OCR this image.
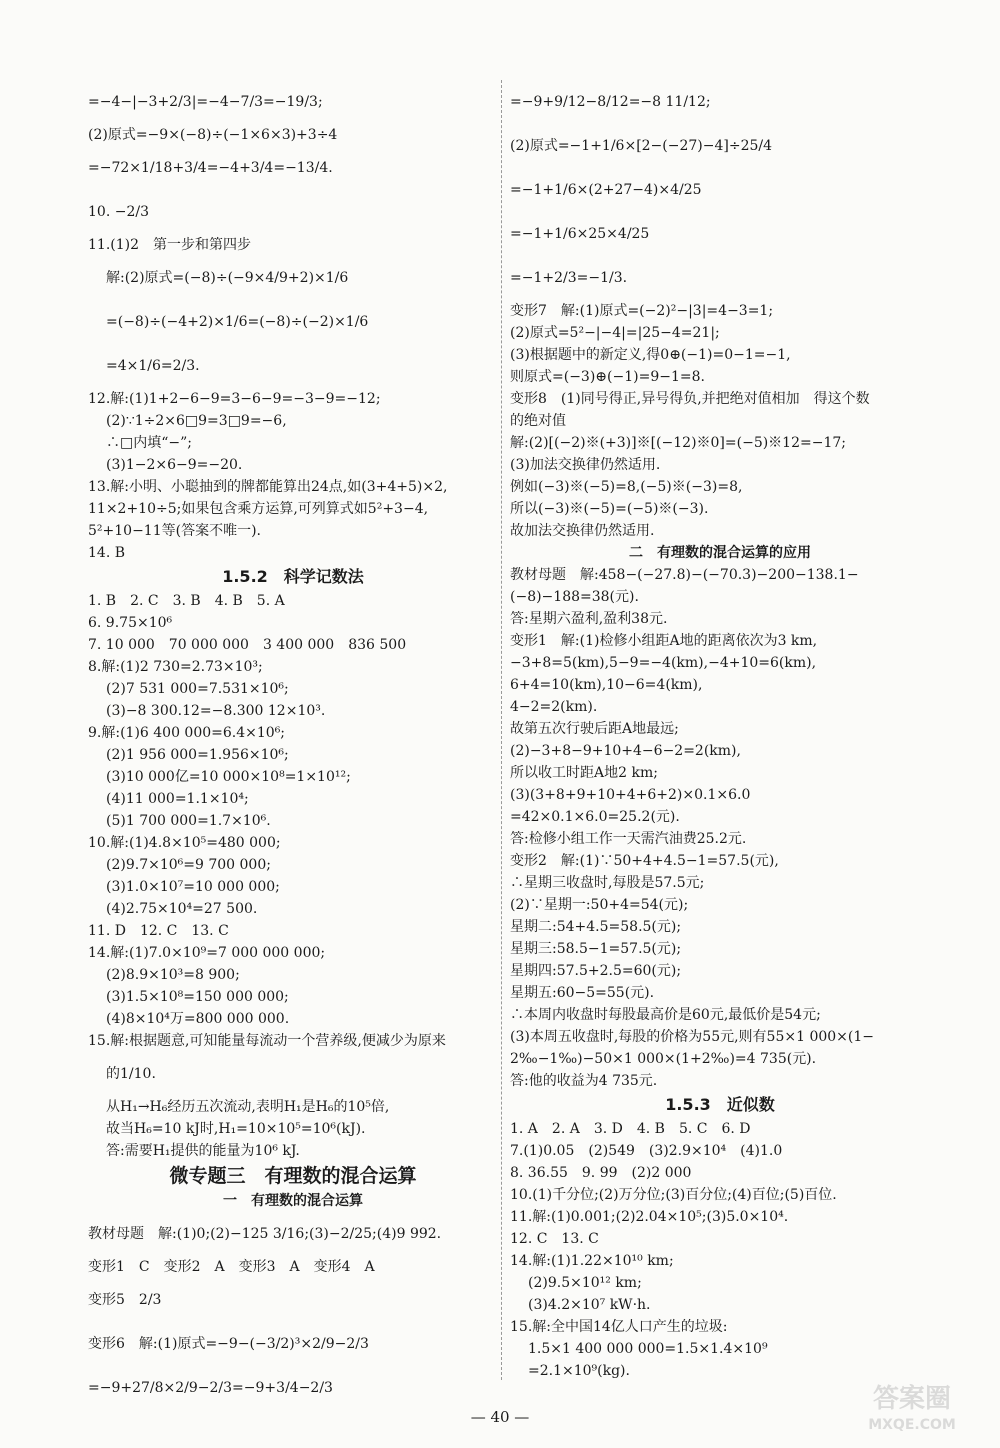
=−4−|−3+2/3|=−4−7/3=−19/3;
(2)原式=−9×(−8)÷(−1×6×3)+3÷4
=−72×1/18+3/4=−4+3/4=−13/4.
10. −2/3
11.(1)2　第一步和第四步
解:(2)原式=(−8)÷(−9×4/9+2)×1/6
=(−8)÷(−4+2)×1/6=(−8)÷(−2)×1/6
=4×1/6=2/3.
12.解:(1)1+2−6−9=3−6−9=−3−9=−12;
(2)∵1÷2×6□9=3□9=−6,
∴□内填“−”;
(3)1−2×6−9=−20.
13.解:小明、小聪抽到的牌都能算出24点,如(3+4+5)×2,
11×2+10÷5;如果包含乘方运算,可列算式如5²+3−4,
5²+10−11等(答案不唯一).
14. B
1.5.2　科学记数法
1. B　2. C　3. B　4. B　5. A
6. 9.75×10⁶
7. 10 000　70 000 000　3 400 000　836 500
8.解:(1)2 730=2.73×10³;
(2)7 531 000=7.531×10⁶;
(3)−8 300.12=−8.300 12×10³.
9.解:(1)6 400 000=6.4×10⁶;
(2)1 956 000=1.956×10⁶;
(3)10 000亿=10 000×10⁸=1×10¹²;
(4)11 000=1.1×10⁴;
(5)1 700 000=1.7×10⁶.
10.解:(1)4.8×10⁵=480 000;
(2)9.7×10⁶=9 700 000;
(3)1.0×10⁷=10 000 000;
(4)2.75×10⁴=27 500.
11. D　12. C　13. C
14.解:(1)7.0×10⁹=7 000 000 000;
(2)8.9×10³=8 900;
(3)1.5×10⁸=150 000 000;
(4)8×10⁴万=800 000 000.
15.解:根据题意,可知能量每流动一个营养级,便减少为原来
的1/10.
从H₁→H₆经历五次流动,表明H₁是H₆的10⁵倍,
故当H₆=10 kJ时,H₁=10×10⁵=10⁶(kJ).
答:需要H₁提供的能量为10⁶ kJ.
微专题三　有理数的混合运算
一　有理数的混合运算
教材母题　解:(1)0;(2)−125 3/16;(3)−2/25;(4)9 992.
变形1　C　变形2　A　变形3　A　变形4　A
变形5　2/3
变形6　解:(1)原式=−9−(−3/2)³×2/9−2/3
=−9+27/8×2/9−2/3=−9+3/4−2/3
=−9+9/12−8/12=−8 11/12;
(2)原式=−1+1/6×[2−(−27)−4]÷25/4
=−1+1/6×(2+27−4)×4/25
=−1+1/6×25×4/25
=−1+2/3=−1/3.
变形7　解:(1)原式=(−2)²−|3|=4−3=1;
(2)原式=5²−|−4|=|25−4=21|;
(3)根据题中的新定义,得0⊕(−1)=0−1=−1,
则原式=(−3)⊕(−1)=9−1=8.
变形8　(1)同号得正,异号得负,并把绝对值相加　得这个数
的绝对值
解:(2)[(−2)※(+3)]※[(−12)※0]=(−5)※12=−17;
(3)加法交换律仍然适用.
例如(−3)※(−5)=8,(−5)※(−3)=8,
所以(−3)※(−5)=(−5)※(−3).
故加法交换律仍然适用.
二　有理数的混合运算的应用
教材母题　解:458−(−27.8)−(−70.3)−200−138.1−
(−8)−188=38(元).
答:星期六盈利,盈利38元.
变形1　解:(1)检修小组距A地的距离依次为3 km,
−3+8=5(km),5−9=−4(km),−4+10=6(km),
6+4=10(km),10−6=4(km),
4−2=2(km).
故第五次行驶后距A地最远;
(2)−3+8−9+10+4−6−2=2(km),
所以收工时距A地2 km;
(3)(3+8+9+10+4+6+2)×0.1×6.0
=42×0.1×6.0=25.2(元).
答:检修小组工作一天需汽油费25.2元.
变形2　解:(1)∵50+4+4.5−1=57.5(元),
∴星期三收盘时,每股是57.5元;
(2)∵星期一:50+4=54(元);
星期二:54+4.5=58.5(元);
星期三:58.5−1=57.5(元);
星期四:57.5+2.5=60(元);
星期五:60−5=55(元).
∴本周内收盘时每股最高价是60元,最低价是54元;
(3)本周五收盘时,每股的价格为55元,则有55×1 000×(1−
2‰−1‰)−50×1 000×(1+2‰)=4 735(元).
答:他的收益为4 735元.
1.5.3　近似数
1. A　2. A　3. D　4. B　5. C　6. D
7.(1)0.05　(2)549　(3)2.9×10⁴　(4)1.0
8. 36.55　9. 99　(2)2 000
10.(1)千分位;(2)万分位;(3)百分位;(4)百位;(5)百位.
11.解:(1)0.001;(2)2.04×10⁵;(3)5.0×10⁴.
12. C　13. C
14.解:(1)1.22×10¹⁰ km;
(2)9.5×10¹² km;
(3)4.2×10⁷ kW·h.
15.解:全中国14亿人口产生的垃圾:
1.5×1 400 000 000=1.5×1.4×10⁹
=2.1×10⁹(kg).
— 40 —
答案圈
MXQE.COM
